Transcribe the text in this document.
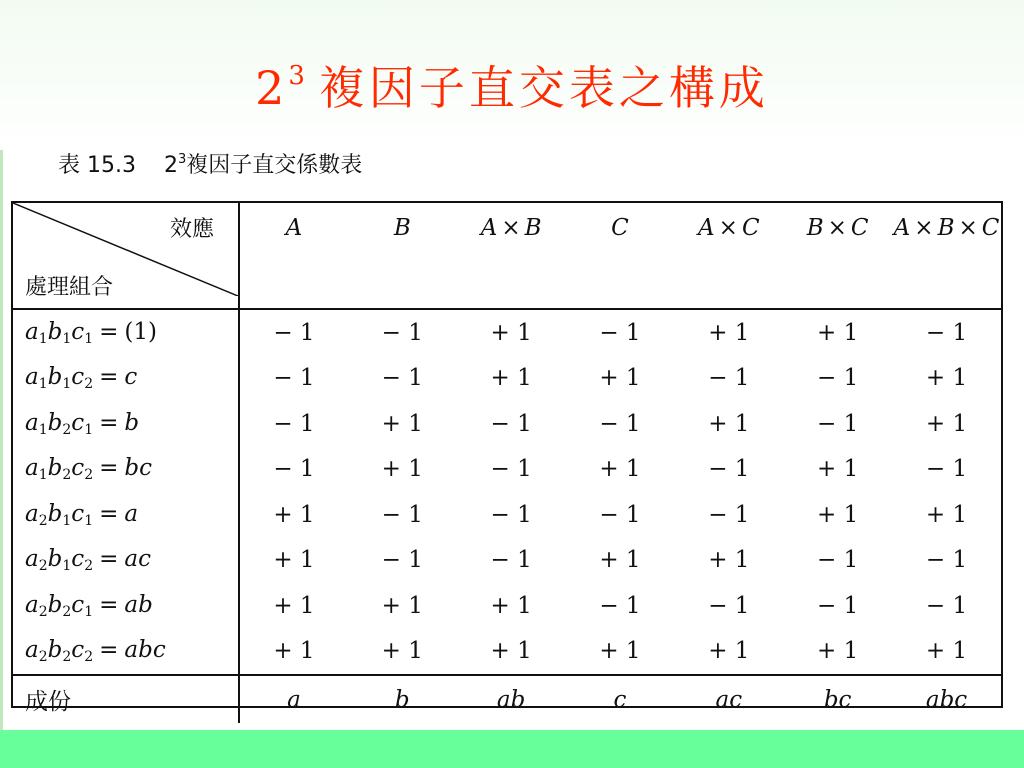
$2^3$ 複因子直交表之構成
表 15.3 $2^3$複因子直交係數表
效應
處理組合	A	B	A × B	C	A × C	B × C	A × B × C
$a_1b_1c_1 = (1)$	− 1	− 1	+ 1	− 1	+ 1	+ 1	− 1
$a_1b_1c_2 = c$	− 1	− 1	+ 1	+ 1	− 1	− 1	+ 1
$a_1b_2c_1 = b$	− 1	+ 1	− 1	− 1	+ 1	− 1	+ 1
$a_1b_2c_2$ = bc	− 1	+ 1	− 1	+ 1	− 1	+ 1	− 1
$a_2b_1c_1 = a$	+ 1	− 1	− 1	− 1	− 1	+ 1	+ 1
$a_2b_1c_2$ = ac	+ 1	− 1	− 1	+ 1	+ 1	− 1	− 1
$a_2b_2c_1$ = ab	+ 1	+ 1	+ 1	− 1	− 1	− 1	− 1
$a_2b_2c_2$ = abc	+ 1	+ 1	+ 1	+ 1	+ 1	+ 1	+ 1
成份	a	b	ab	c	ac	bc	abc
